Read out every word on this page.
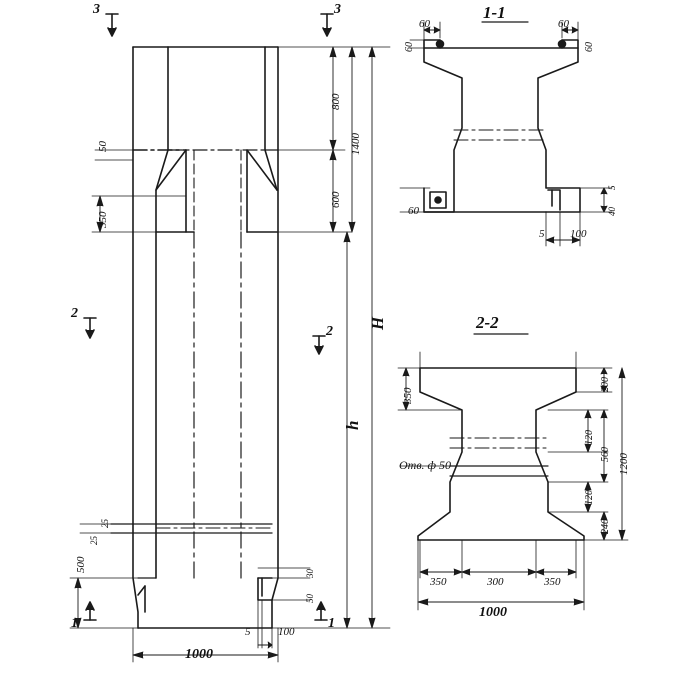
1-1
2-2
3	3
2
2
1	1
800
1400
600
350
500
50
25
25
30
50
H
h
1000
5	100
60	60
60	60
60
5
40
5 100
350
200
120
560
120
240
1200
350	300	350
1000
Отв. ф 50
